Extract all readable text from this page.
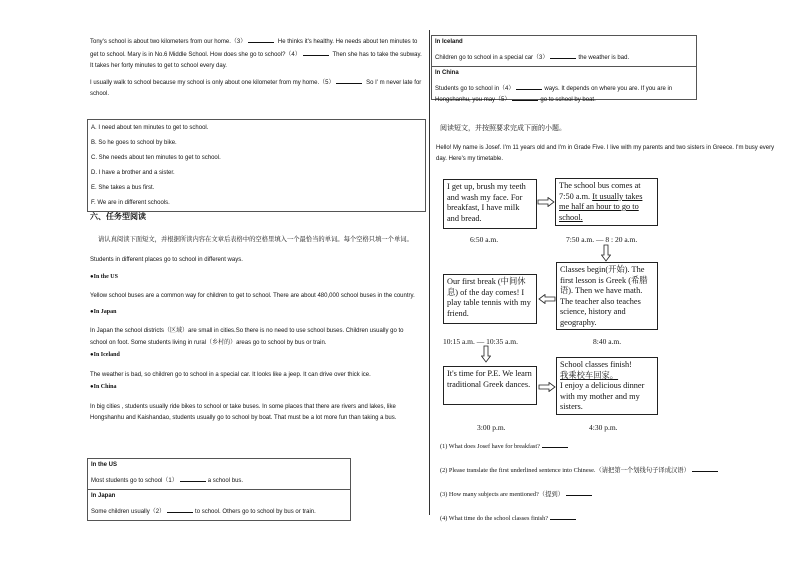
Tony's school is about two kilometers from our home.（3）	He thinks it's healthy. He needs about ten minutes to get to school. Mary is in No.6 Middle School. How does she go to school?（4）	Then she has to take the subway. It takes her forty minutes to get to school every day.

I usually walk to school because my school is only about one kilometer from my home.（5）	So I' m never late for school.

A. I need about ten minutes to get to school.

B. So he goes to school by bike.

C. She needs about ten minutes to get to school.

D. I have a brother and a sister.

E. She takes a bus first.

F. We are in different schools.

六、任务型阅读

请认真阅读下面短文，并根据所读内容在文章后表格中的空格里填入一个最恰当的单词。每个空格只填一个单词。

Students in different places go to school in different ways.

●In the US

Yellow school buses are a common way for children to get to school. There are about 480,000 school buses in the country.

●In Japan

In Japan the school districts（区域）are small in cities.So there is no need to use school buses. Children usually go to school on foot. Some students living in rural（乡村的）areas go to school by bus or train.

●In Iceland

The weather is bad, so children go to school in a special car. It looks like a jeep. It can drive over thick ice.

●In China

In big cities , students usually ride bikes to school or take buses. In some places that there are rivers and lakes, like Hongshanhu and Kaishandao, students usually go to school by boat. That must be a lot more fun than taking a bus.

In the US

Most students go to school（1）	a school bus.

In Japan

Some children usually（2）	to school. Others go to school by bus or train.

In Iceland

Children go to school in a special car（3）	the weather is bad.

In China

Students go to school in（4）	ways. It depends on where you are. If you are in Hongshanhu, you may（5）	go to school by boat.

阅读短文，并按照要求完成下面的小题。

Hello! My name is Josef. I'm 11 years old and I'm in Grade Five. I live with my parents and two sisters in Greece. I'm busy every day. Here's my timetable.

I get up, brush my teeth and wash my face. For breakfast, I have milk and bread.
6:50 a.m.
The school bus comes at 7:50 a.m. It usually takes me half an hour to go to school.
7:50 a.m. — 8 : 20 a.m.
Classes begin(开始). The first lesson is Greek (希腊语). Then we have math. The teacher also teaches science, history and geography.
8:40 a.m.
Our first break (中间休息) of the day comes! I play table tennis with my friend.
10:15 a.m. — 10:35 a.m.
It's time for P.E. We learn traditional Greek dances.
3:00 p.m.
School classes finish!
我乘校车回家。
I enjoy a delicious dinner with my mother and my sisters.
4:30 p.m.
(1) What does Josef have for breakfast?
(2) Please translate the first underlined sentence into Chinese.（请把第一个划线句子译成汉语）
(3) How many subjects are mentioned?（提到）
(4) What time do the school classes finish?
